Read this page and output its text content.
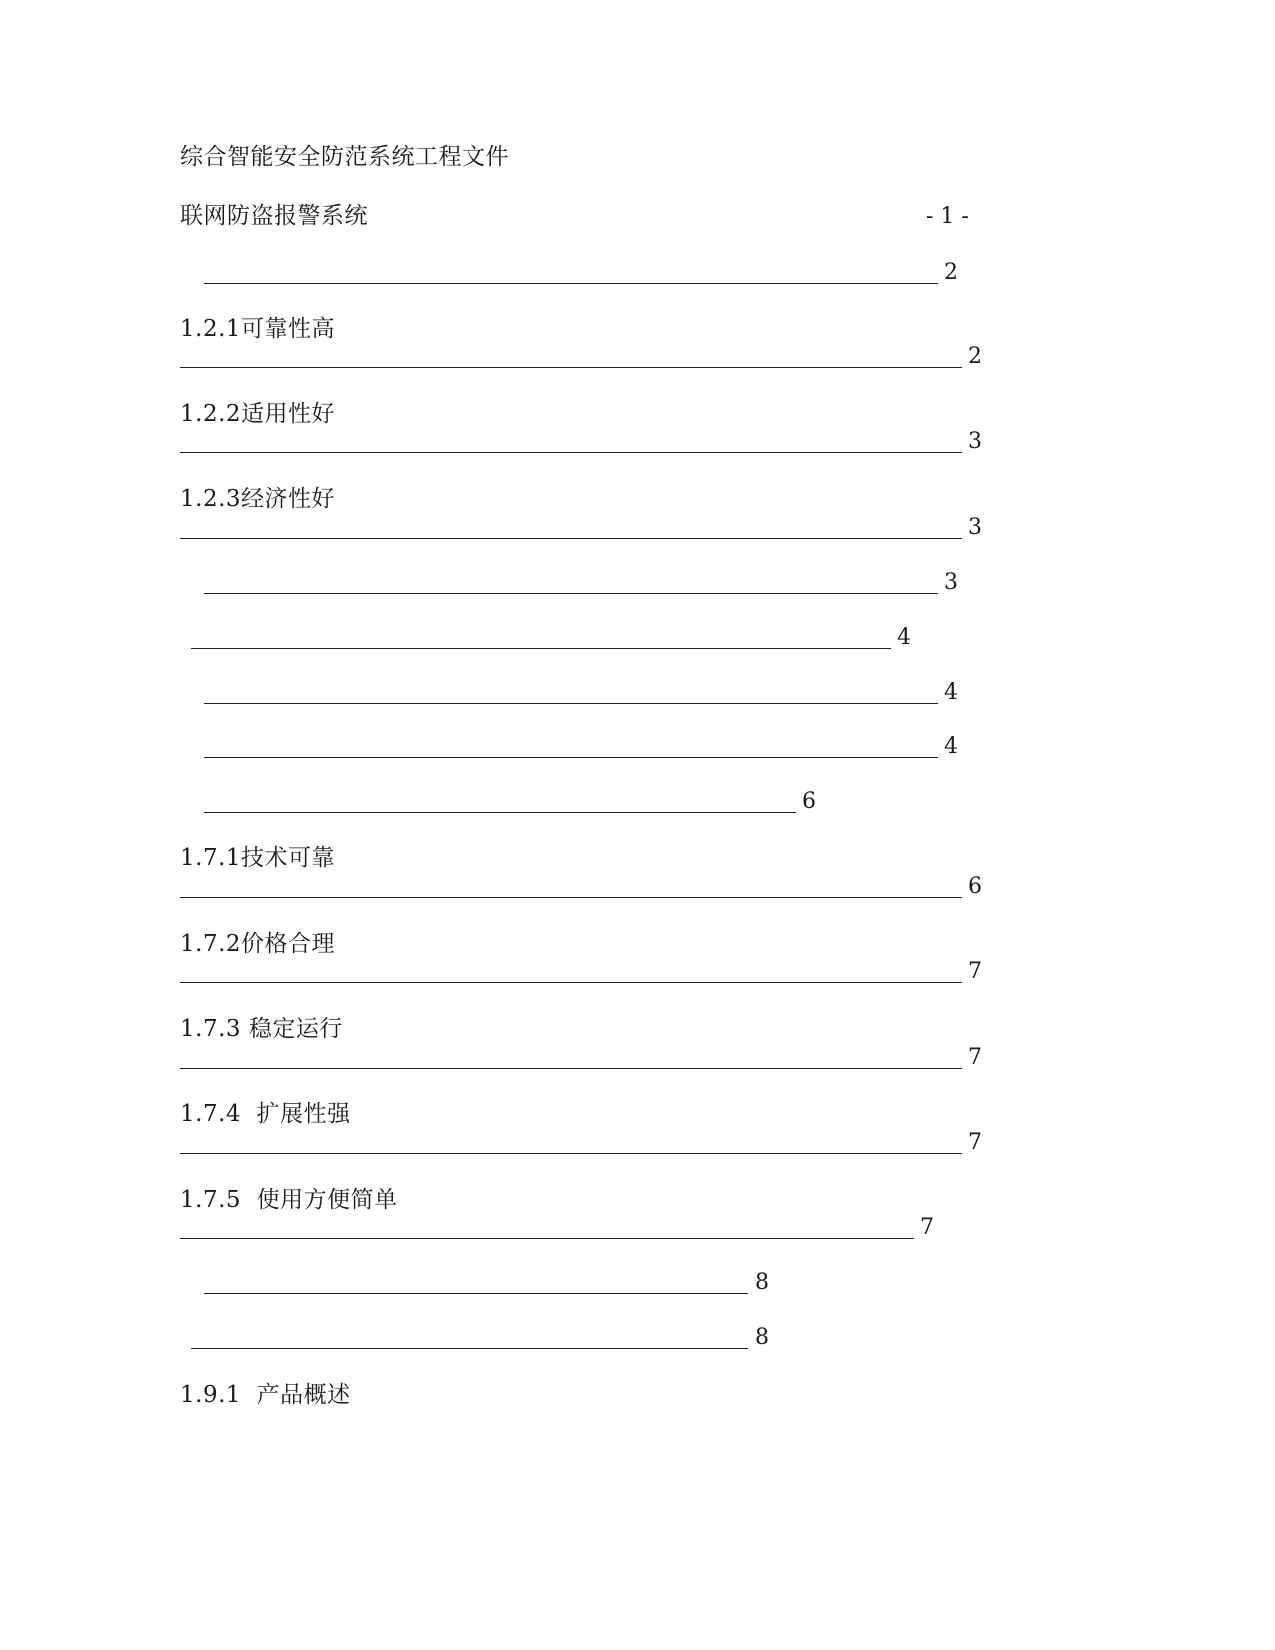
综合智能安全防范系统工程文件
联网防盗报警系统	- 1 -
2
1.2.1可靠性高
2
1.2.2适用性好
3
1.2.3经济性好
3
3
4
4
4
6
1.7.1技术可靠
6
1.7.2价格合理
7
1.7.3 稳定运行
7
1.7.4  扩展性强
7
1.7.5  使用方便简单
7
8
8
1.9.1  产品概述
